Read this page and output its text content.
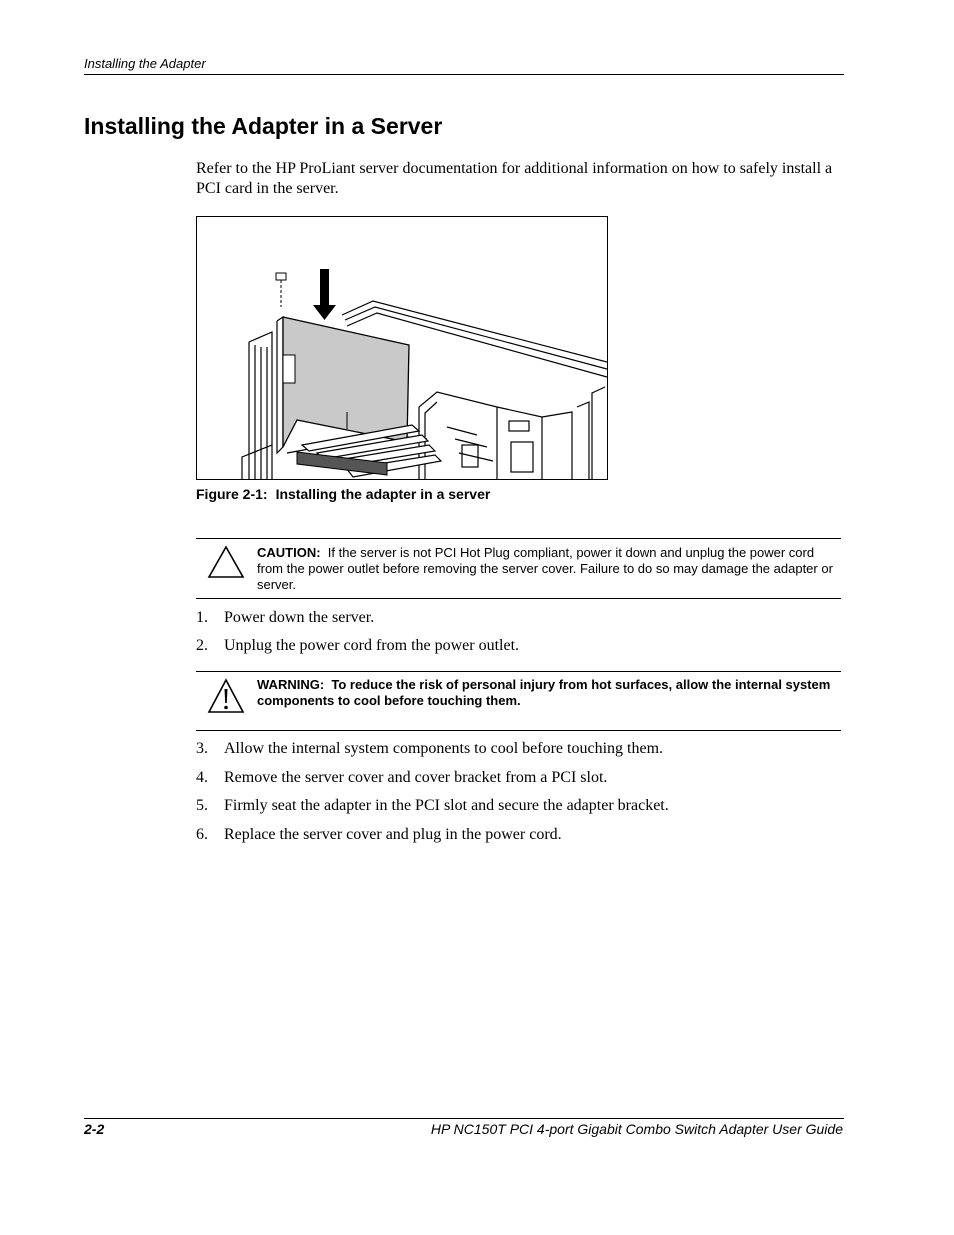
Installing the Adapter
Installing the Adapter in a Server
Refer to the HP ProLiant server documentation for additional information on how to safely install a PCI card in the server.
Figure 2-1: Installing the adapter in a server
CAUTION: If the server is not PCI Hot Plug compliant, power it down and unplug the power cord from the power outlet before removing the server cover. Failure to do so may damage the adapter or server.
1. Power down the server.
2. Unplug the power cord from the power outlet.
WARNING: To reduce the risk of personal injury from hot surfaces, allow the internal system components to cool before touching them.
3. Allow the internal system components to cool before touching them.
4. Remove the server cover and cover bracket from a PCI slot.
5. Firmly seat the adapter in the PCI slot and secure the adapter bracket.
6. Replace the server cover and plug in the power cord.
2-2	HP NC150T PCI 4-port Gigabit Combo Switch Adapter User Guide
